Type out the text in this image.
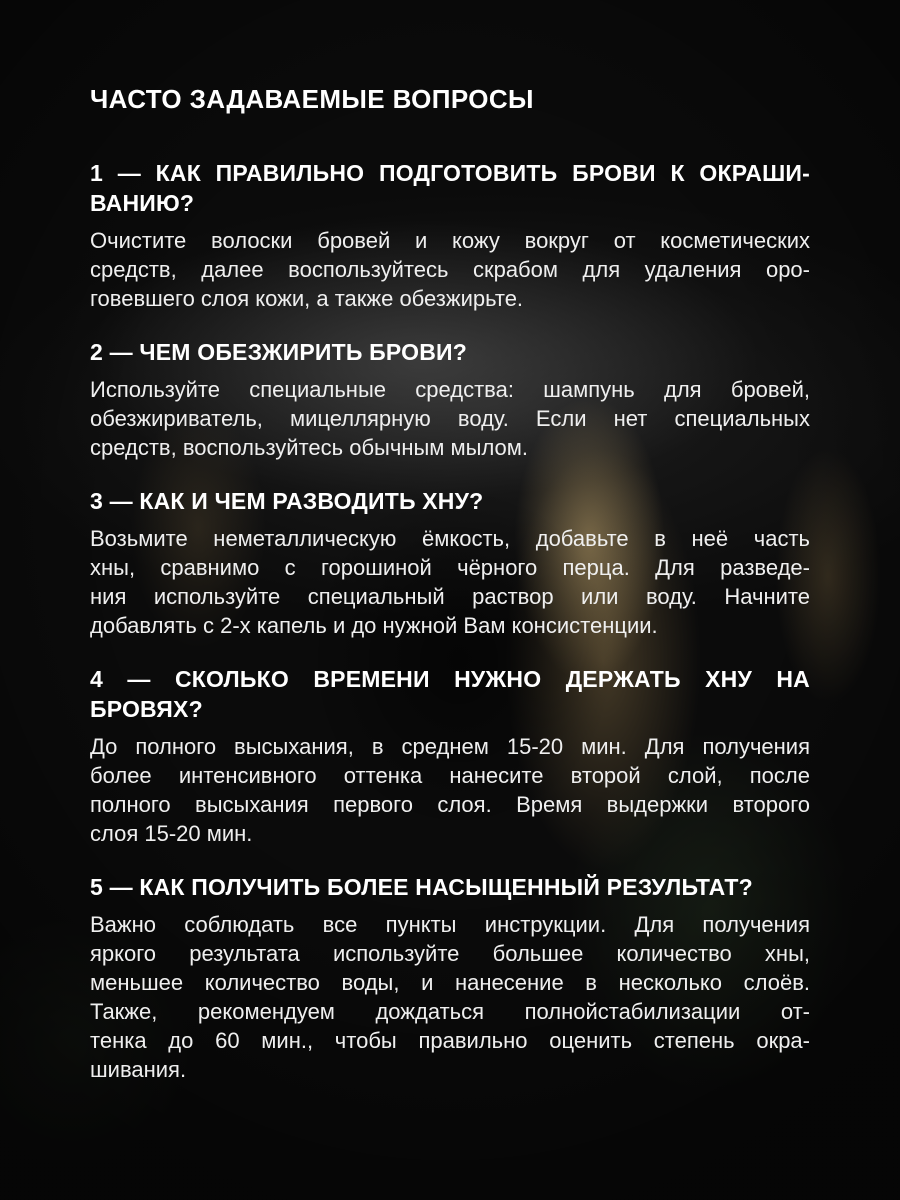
ЧАСТО ЗАДАВАЕМЫЕ ВОПРОСЫ
1 — КАК ПРАВИЛЬНО ПОДГОТОВИТЬ БРОВИ К ОКРАШИ-
ВАНИЮ?

Очистите волоски бровей и кожу вокруг от косметических
средств, далее воспользуйтесь скрабом для удаления оро-
говевшего слоя кожи, а также обезжирьте.

2 — ЧЕМ ОБЕЗЖИРИТЬ БРОВИ?

Используйте специальные средства: шампунь для бровей,
обезжириватель, мицеллярную воду. Если нет специальных
средств, воспользуйтесь обычным мылом.

3 — КАК И ЧЕМ РАЗВОДИТЬ ХНУ?

Возьмите неметаллическую ёмкость, добавьте в неё часть
хны, сравнимо с горошиной чёрного перца. Для разведе-
ния используйте специальный раствор или воду. Начните
добавлять с 2-х капель и до нужной Вам консистенции.

4 — СКОЛЬКО ВРЕМЕНИ НУЖНО ДЕРЖАТЬ ХНУ НА
БРОВЯХ?

До полного высыхания, в среднем 15-20 мин. Для получения
более интенсивного оттенка нанесите второй слой, после
полного высыхания первого слоя. Время выдержки второго
слоя 15-20 мин.

5 — КАК ПОЛУЧИТЬ БОЛЕЕ НАСЫЩЕННЫЙ РЕЗУЛЬТАТ?

Важно соблюдать все пункты инструкции. Для получения
яркого результата используйте большее количество хны,
меньшее количество воды, и нанесение в несколько слоёв.
Также, рекомендуем дождаться полнойстабилизации от-
тенка до 60 мин., чтобы правильно оценить степень окра-
шивания.
